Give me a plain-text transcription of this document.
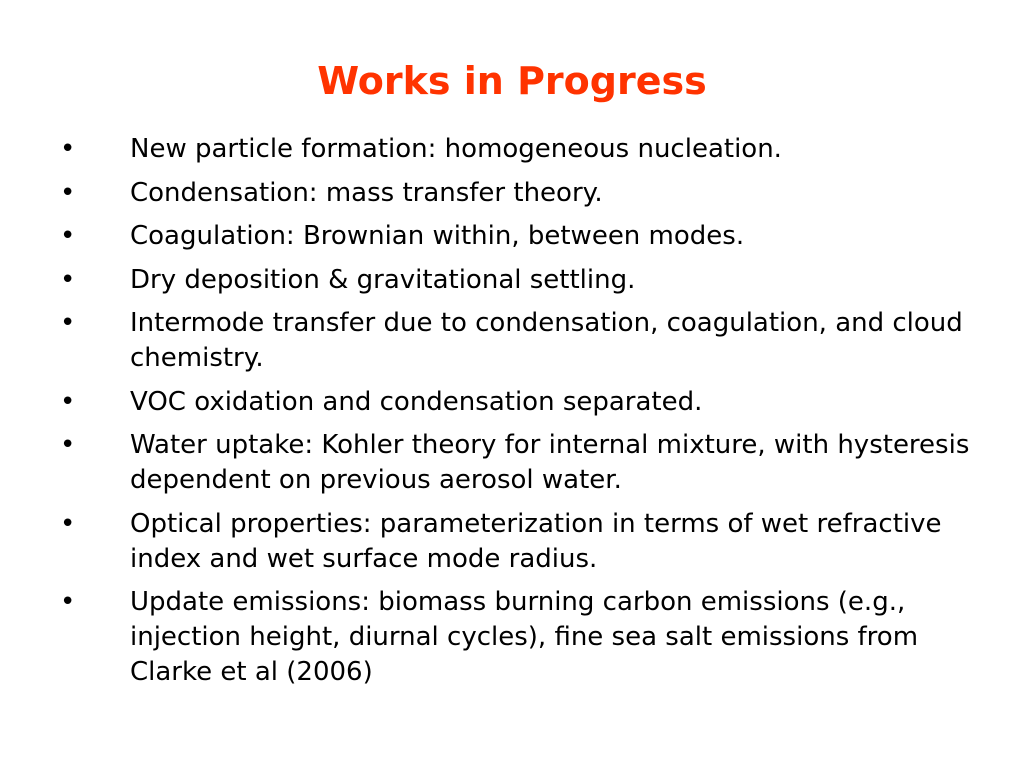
Works in Progress
• New particle formation: homogeneous nucleation.
• Condensation: mass transfer theory.
• Coagulation: Brownian within, between modes.
• Dry deposition & gravitational settling.
• Intermode transfer due to condensation, coagulation, and cloud chemistry.
• VOC oxidation and condensation separated.
• Water uptake: Kohler theory for internal mixture, with hysteresis dependent on previous aerosol water.
• Optical properties: parameterization in terms of wet refractive index and wet surface mode radius.
• Update emissions: biomass burning carbon emissions (e.g., injection height, diurnal cycles), fine sea salt emissions from Clarke et al (2006)
